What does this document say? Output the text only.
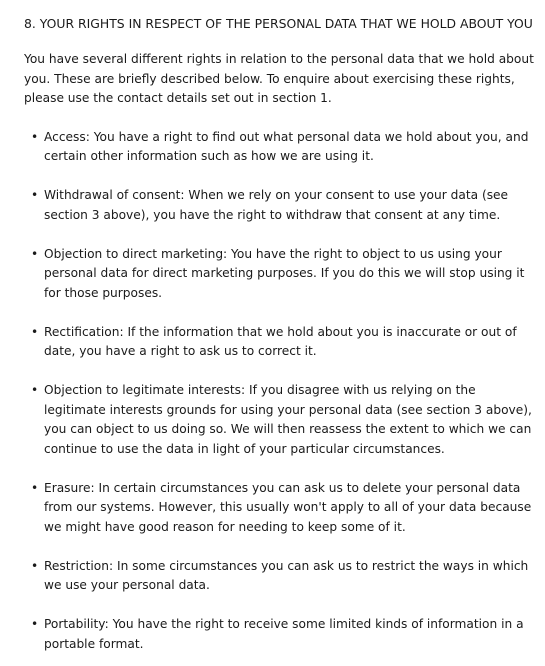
8. YOUR RIGHTS IN RESPECT OF THE PERSONAL DATA THAT WE HOLD ABOUT YOU

You have several different rights in relation to the personal data that we hold about you. These are briefly described below. To enquire about exercising these rights, please use the contact details set out in section 1.

• Access: You have a right to find out what personal data we hold about you, and certain other information such as how we are using it.
• Withdrawal of consent: When we rely on your consent to use your data (see section 3 above), you have the right to withdraw that consent at any time.
• Objection to direct marketing: You have the right to object to us using your personal data for direct marketing purposes. If you do this we will stop using it for those purposes.
• Rectification: If the information that we hold about you is inaccurate or out of date, you have a right to ask us to correct it.
• Objection to legitimate interests: If you disagree with us relying on the legitimate interests grounds for using your personal data (see section 3 above), you can object to us doing so. We will then reassess the extent to which we can continue to use the data in light of your particular circumstances.
• Erasure: In certain circumstances you can ask us to delete your personal data from our systems. However, this usually won't apply to all of your data because we might have good reason for needing to keep some of it.
• Restriction: In some circumstances you can ask us to restrict the ways in which we use your personal data.
• Portability: You have the right to receive some limited kinds of information in a portable format.
